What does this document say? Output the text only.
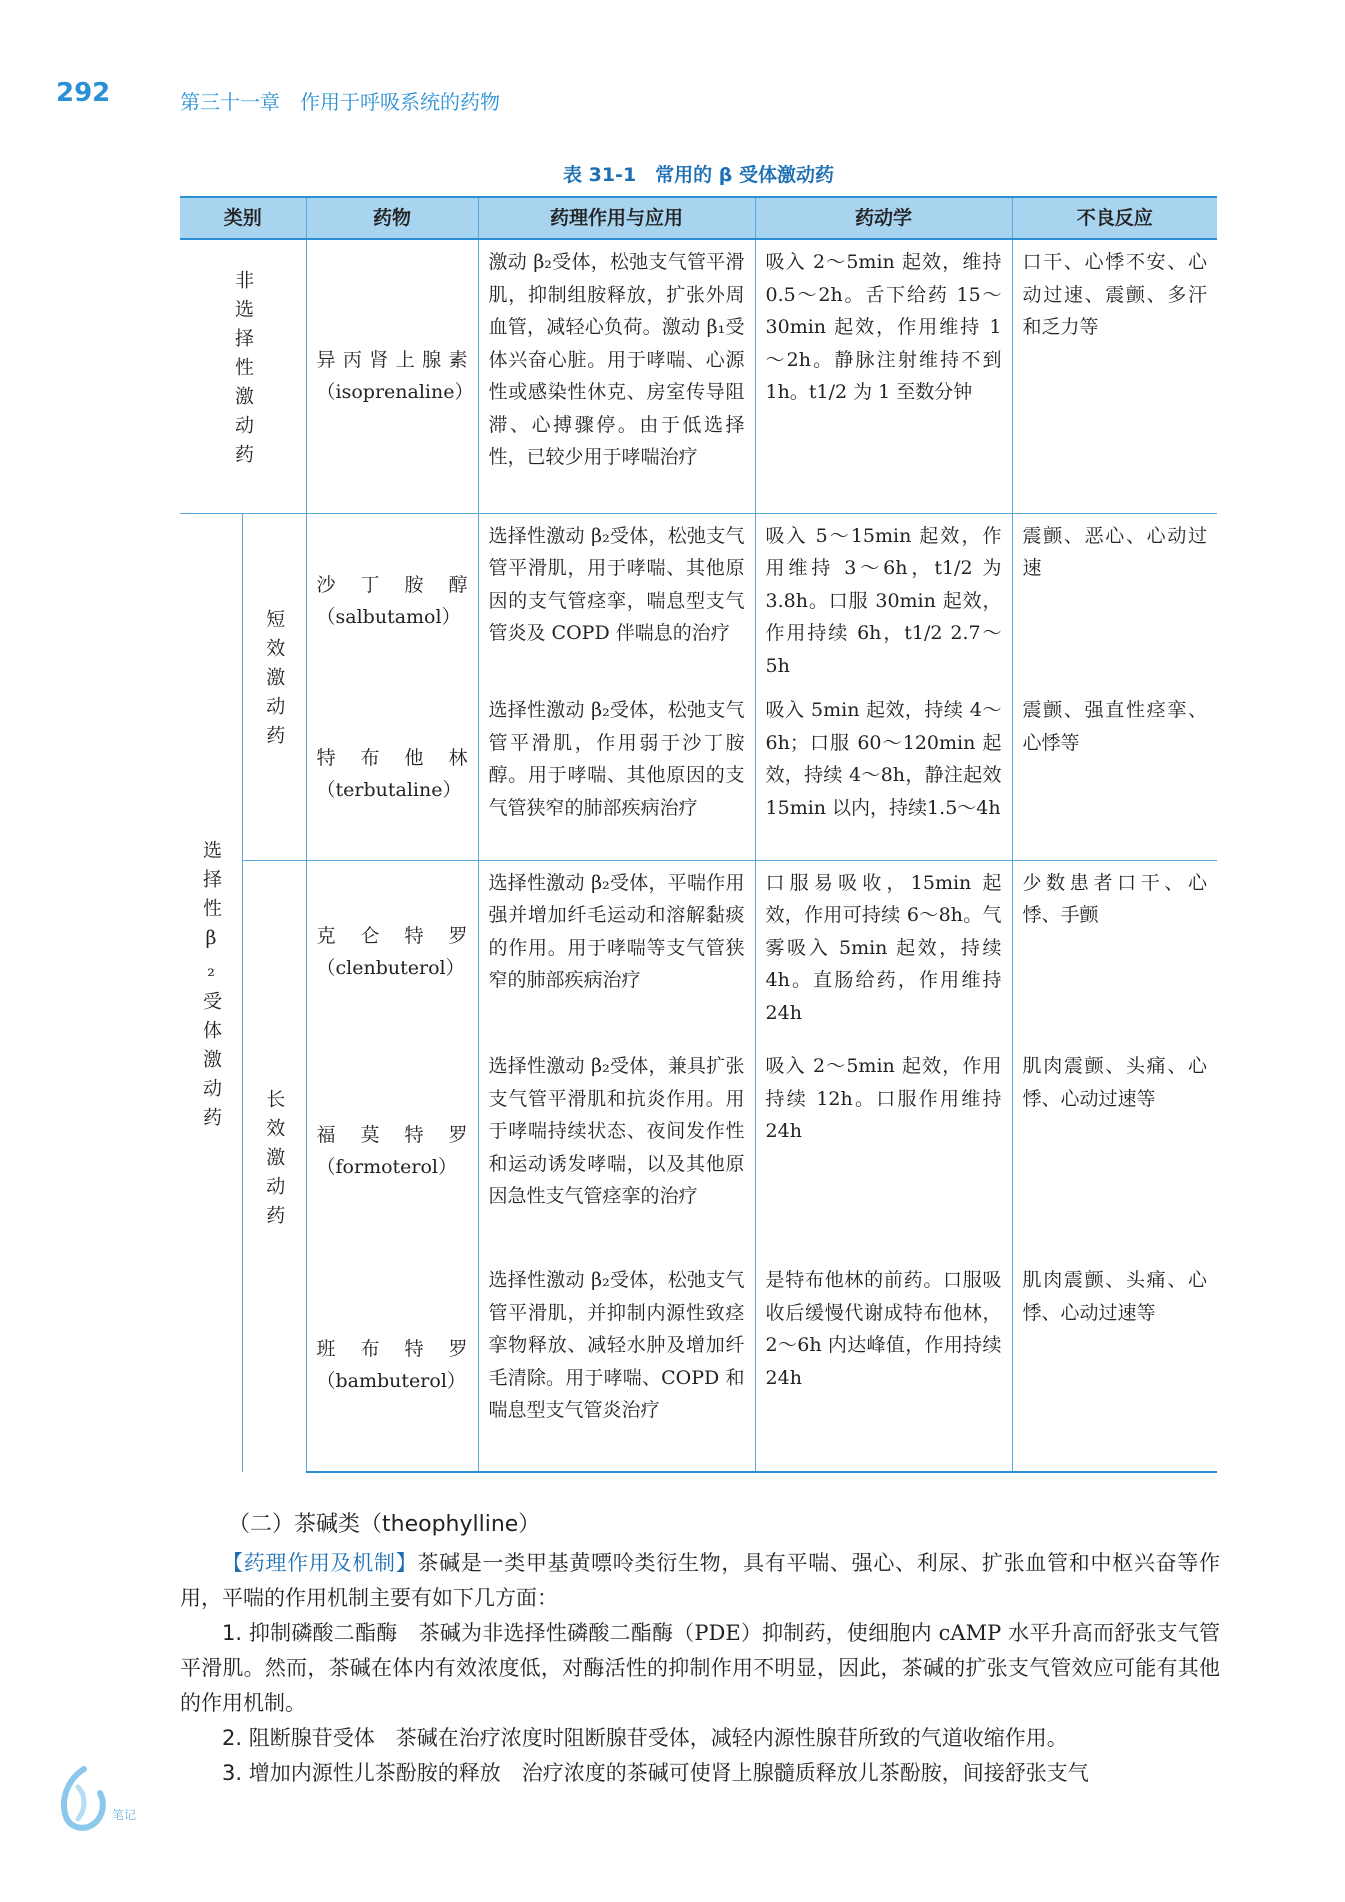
292	第三十一章　作用于呼吸系统的药物
表 31-1　常用的 β 受体激动药
类别		药物	药理作用与应用	药动学	不良反应
非选择性激动药		异丙肾上腺素（isoprenaline）	激动 β₂受体，松弛支气管平滑肌，抑制组胺释放，扩张外周血管，减轻心负荷。激动 β₁受体兴奋心脏。用于哮喘、心源性或感染性休克、房室传导阻滞、心搏骤停。由于低选择性，已较少用于哮喘治疗	吸入 2～5min 起效，维持 0.5～2h。舌下给药 15～30min 起效，作用维持 1～2h。静脉注射维持不到 1h。t1/2 为 1 至数分钟	口干、心悸不安、心动过速、震颤、多汗和乏力等
选择性β₂受体激动药	短效激动药	沙丁胺醇（salbutamol）	选择性激动 β₂受体，松弛支气管平滑肌，用于哮喘、其他原因的支气管痉挛，喘息型支气管炎及 COPD 伴喘息的治疗	吸入 5～15min 起效，作用维持 3～6h，t1/2 为 3.8h。口服 30min 起效，作用持续 6h，t1/2 2.7～5h	震颤、恶心、心动过速
		特布他林（terbutaline）	选择性激动 β₂受体，松弛支气管平滑肌，作用弱于沙丁胺醇。用于哮喘、其他原因的支气管狭窄的肺部疾病治疗	吸入 5min 起效，持续 4～6h；口服 60～120min 起效，持续 4～8h，静注起效 15min 以内，持续1.5～4h	震颤、强直性痉挛、心悸等
	长效激动药	克仑特罗（clenbuterol）	选择性激动 β₂受体，平喘作用强并增加纤毛运动和溶解黏痰的作用。用于哮喘等支气管狭窄的肺部疾病治疗	口服易吸收，15min 起效，作用可持续 6～8h。气雾吸入 5min 起效，持续 4h。直肠给药，作用维持 24h	少数患者口干、心悸、手颤
		福莫特罗（formoterol）	选择性激动 β₂受体，兼具扩张支气管平滑肌和抗炎作用。用于哮喘持续状态、夜间发作性和运动诱发哮喘，以及其他原因急性支气管痉挛的治疗	吸入 2～5min 起效，作用持续 12h。口服作用维持 24h	肌肉震颤、头痛、心悸、心动过速等
		班布特罗（bambuterol）	选择性激动 β₂受体，松弛支气管平滑肌，并抑制内源性致痉挛物释放、减轻水肿及增加纤毛清除。用于哮喘、COPD 和喘息型支气管炎治疗	是特布他林的前药。口服吸收后缓慢代谢成特布他林，2～6h 内达峰值，作用持续 24h	肌肉震颤、头痛、心悸、心动过速等
（二）茶碱类（theophylline）
【药理作用及机制】茶碱是一类甲基黄嘌呤类衍生物，具有平喘、强心、利尿、扩张血管和中枢兴奋等作用，平喘的作用机制主要有如下几方面：
1. 抑制磷酸二酯酶　 茶碱为非选择性磷酸二酯酶（PDE）抑制药，使细胞内 cAMP 水平升高而舒张支气管平滑肌。然而，茶碱在体内有效浓度低，对酶活性的抑制作用不明显，因此，茶碱的扩张支气管效应可能有其他的作用机制。
2. 阻断腺苷受体　 茶碱在治疗浓度时阻断腺苷受体，减轻内源性腺苷所致的气道收缩作用。
3. 增加内源性儿茶酚胺的释放　 治疗浓度的茶碱可使肾上腺髓质释放儿茶酚胺，间接舒张支气
笔记
